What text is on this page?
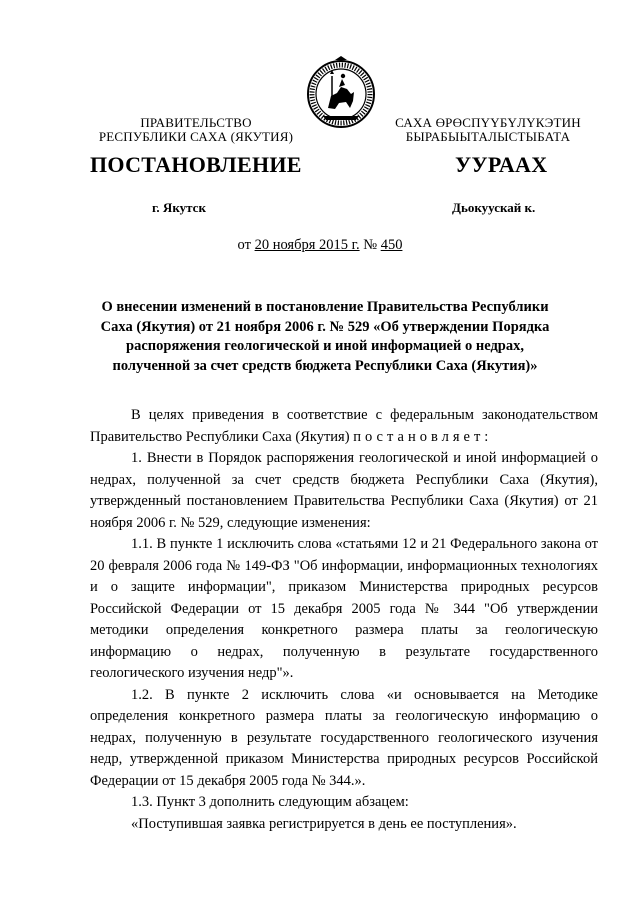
ПРАВИТЕЛЬСТВО
РЕСПУБЛИКИ САХА (ЯКУТИЯ)
САХА ӨРӨСПҮҮБҮЛҮКЭТИН
БЫРАБЫЫТАЛЫСТЫБАТА
ПОСТАНОВЛЕНИЕ	УУРААХ
г. Якутск	Дьокуускай к.
от 20 ноября 2015 г. № 450
О внесении изменений в постановление Правительства Республики
Саха (Якутия) от 21 ноября 2006 г. № 529 «Об утверждении Порядка
распоряжения геологической и иной информацией о недрах,
полученной за счет средств бюджета Республики Саха (Якутия)»

В целях приведения в соответствие с федеральным законодательством Правительство Республики Саха (Якутия) постановляет:

1. Внести в Порядок распоряжения геологической и иной информацией о недрах, полученной за счет средств бюджета Республики Саха (Якутия), утвержденный постановлением Правительства Республики Саха (Якутия) от 21 ноября 2006 г. № 529, следующие изменения:

1.1. В пункте 1 исключить слова «статьями 12 и 21 Федерального закона от 20 февраля 2006 года № 149-ФЗ "Об информации, информационных технологиях и о защите информации", приказом Министерства природных ресурсов Российской Федерации от 15 декабря 2005 года № 344 "Об утверждении методики определения конкретного размера платы за геологическую информацию о недрах, полученную в результате государственного геологического изучения недр"».

1.2. В пункте 2 исключить слова «и основывается на Методике определения конкретного размера платы за геологическую информацию о недрах, полученную в результате государственного геологического изучения недр, утвержденной приказом Министерства природных ресурсов Российской Федерации от 15 декабря 2005 года № 344.».

1.3. Пункт 3 дополнить следующим абзацем:

«Поступившая заявка регистрируется в день ее поступления».
